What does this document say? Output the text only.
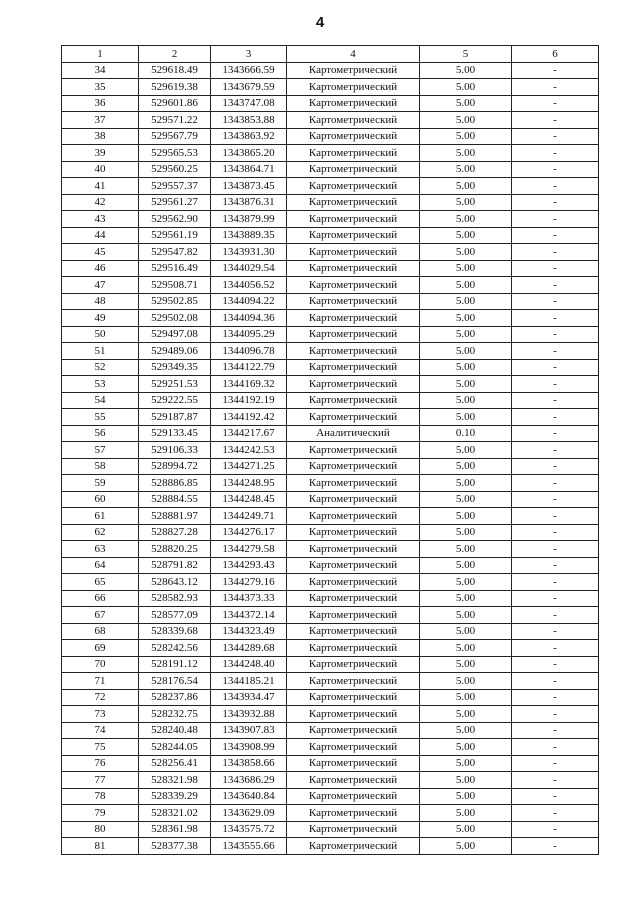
4
1	2	3	4	5	6
34	529618.49	1343666.59	Картометрический	5.00	-
35	529619.38	1343679.59	Картометрический	5.00	-
36	529601.86	1343747.08	Картометрический	5.00	-
37	529571.22	1343853.88	Картометрический	5.00	-
38	529567.79	1343863.92	Картометрический	5.00	-
39	529565.53	1343865.20	Картометрический	5.00	-
40	529560.25	1343864.71	Картометрический	5.00	-
41	529557.37	1343873.45	Картометрический	5.00	-
42	529561.27	1343876.31	Картометрический	5.00	-
43	529562.90	1343879.99	Картометрический	5.00	-
44	529561.19	1343889.35	Картометрический	5.00	-
45	529547.82	1343931.30	Картометрический	5.00	-
46	529516.49	1344029.54	Картометрический	5.00	-
47	529508.71	1344056.52	Картометрический	5.00	-
48	529502.85	1344094.22	Картометрический	5.00	-
49	529502.08	1344094.36	Картометрический	5.00	-
50	529497.08	1344095.29	Картометрический	5.00	-
51	529489.06	1344096.78	Картометрический	5.00	-
52	529349.35	1344122.79	Картометрический	5.00	-
53	529251.53	1344169.32	Картометрический	5.00	-
54	529222.55	1344192.19	Картометрический	5.00	-
55	529187.87	1344192.42	Картометрический	5.00	-
56	529133.45	1344217.67	Аналитический	0.10	-
57	529106.33	1344242.53	Картометрический	5.00	-
58	528994.72	1344271.25	Картометрический	5.00	-
59	528886.85	1344248.95	Картометрический	5.00	-
60	528884.55	1344248.45	Картометрический	5.00	-
61	528881.97	1344249.71	Картометрический	5.00	-
62	528827.28	1344276.17	Картометрический	5.00	-
63	528820.25	1344279.58	Картометрический	5.00	-
64	528791.82	1344293.43	Картометрический	5.00	-
65	528643.12	1344279.16	Картометрический	5.00	-
66	528582.93	1344373.33	Картометрический	5.00	-
67	528577.09	1344372.14	Картометрический	5.00	-
68	528339.68	1344323.49	Картометрический	5.00	-
69	528242.56	1344289.68	Картометрический	5.00	-
70	528191.12	1344248.40	Картометрический	5.00	-
71	528176.54	1344185.21	Картометрический	5.00	-
72	528237.86	1343934.47	Картометрический	5.00	-
73	528232.75	1343932.88	Картометрический	5.00	-
74	528240.48	1343907.83	Картометрический	5.00	-
75	528244.05	1343908.99	Картометрический	5.00	-
76	528256.41	1343858.66	Картометрический	5.00	-
77	528321.98	1343686.29	Картометрический	5.00	-
78	528339.29	1343640.84	Картометрический	5.00	-
79	528321.02	1343629.09	Картометрический	5.00	-
80	528361.98	1343575.72	Картометрический	5.00	-
81	528377.38	1343555.66	Картометрический	5.00	-
